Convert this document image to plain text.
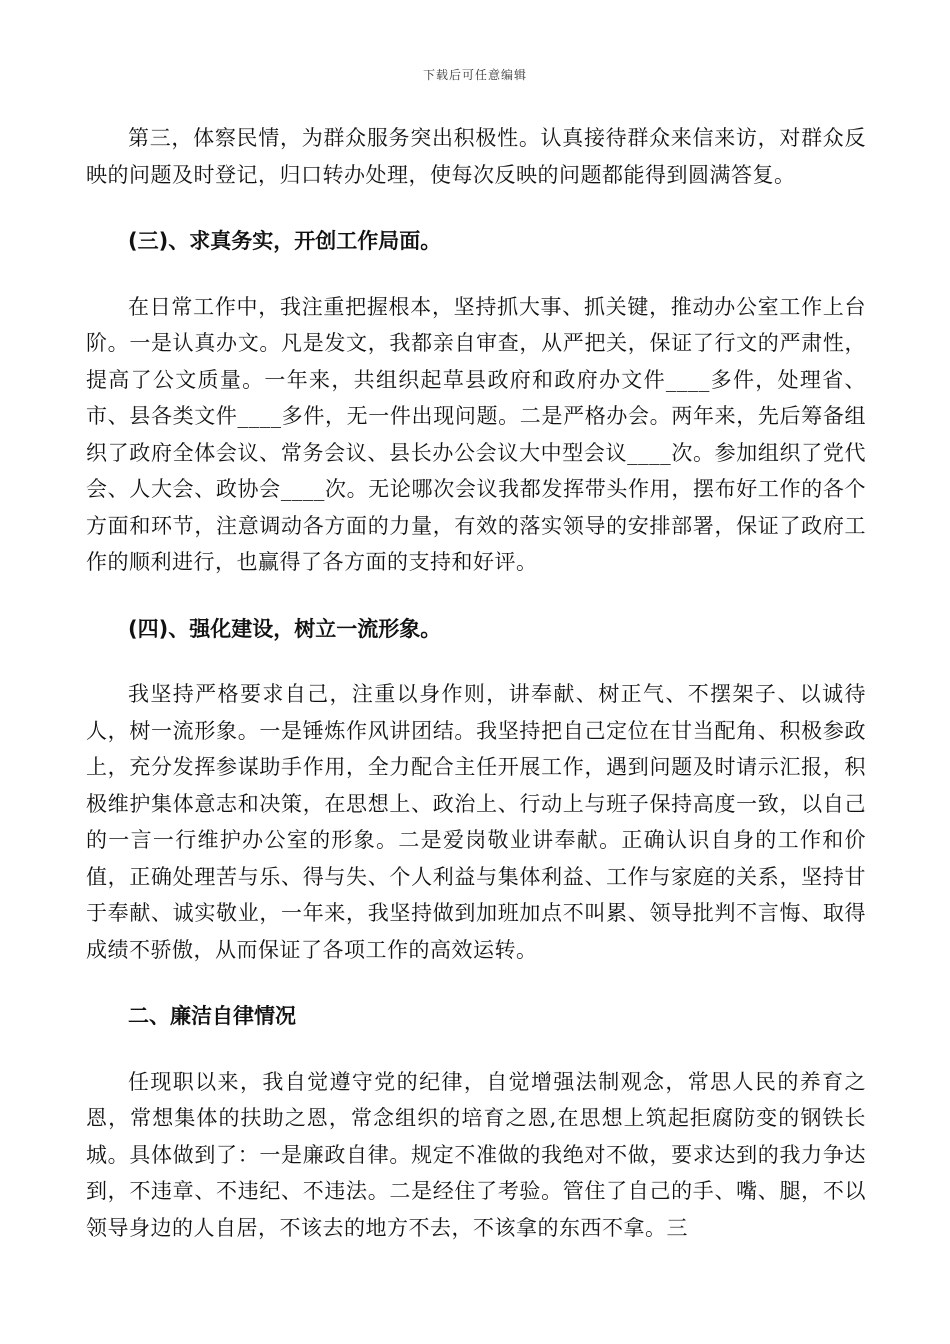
下载后可任意编辑

第三，体察民情，为群众服务突出积极性。认真接待群众来信来访，对群众反映的问题及时登记，归口转办处理，使每次反映的问题都能得到圆满答复。

(三)、求真务实，开创工作局面。

在日常工作中，我注重把握根本，坚持抓大事、抓关键，推动办公室工作上台阶。一是认真办文。凡是发文，我都亲自审查，从严把关，保证了行文的严肃性，提高了公文质量。一年来，共组织起草县政府和政府办文件____多件，处理省、市、县各类文件____多件，无一件出现问题。二是严格办会。两年来，先后筹备组织了政府全体会议、常务会议、县长办公会议大中型会议____次。参加组织了党代会、人大会、政协会____次。无论哪次会议我都发挥带头作用，摆布好工作的各个方面和环节，注意调动各方面的力量，有效的落实领导的安排部署，保证了政府工作的顺利进行，也赢得了各方面的支持和好评。

(四)、强化建设，树立一流形象。

我坚持严格要求自己，注重以身作则，讲奉献、树正气、不摆架子、以诚待人，树一流形象。一是锤炼作风讲团结。我坚持把自己定位在甘当配角、积极参政上，充分发挥参谋助手作用，全力配合主任开展工作，遇到问题及时请示汇报，积极维护集体意志和决策，在思想上、政治上、行动上与班子保持高度一致，以自己的一言一行维护办公室的形象。二是爱岗敬业讲奉献。正确认识自身的工作和价值，正确处理苦与乐、得与失、个人利益与集体利益、工作与家庭的关系，坚持甘于奉献、诚实敬业，一年来，我坚持做到加班加点不叫累、领导批判不言悔、取得成绩不骄傲，从而保证了各项工作的高效运转。

二、廉洁自律情况

任现职以来，我自觉遵守党的纪律，自觉增强法制观念，常思人民的养育之恩，常想集体的扶助之恩，常念组织的培育之恩,在思想上筑起拒腐防变的钢铁长城。具体做到了：一是廉政自律。规定不准做的我绝对不做，要求达到的我力争达到，不违章、不违纪、不违法。二是经住了考验。管住了自己的手、嘴、腿，不以领导身边的人自居，不该去的地方不去，不该拿的东西不拿。三
